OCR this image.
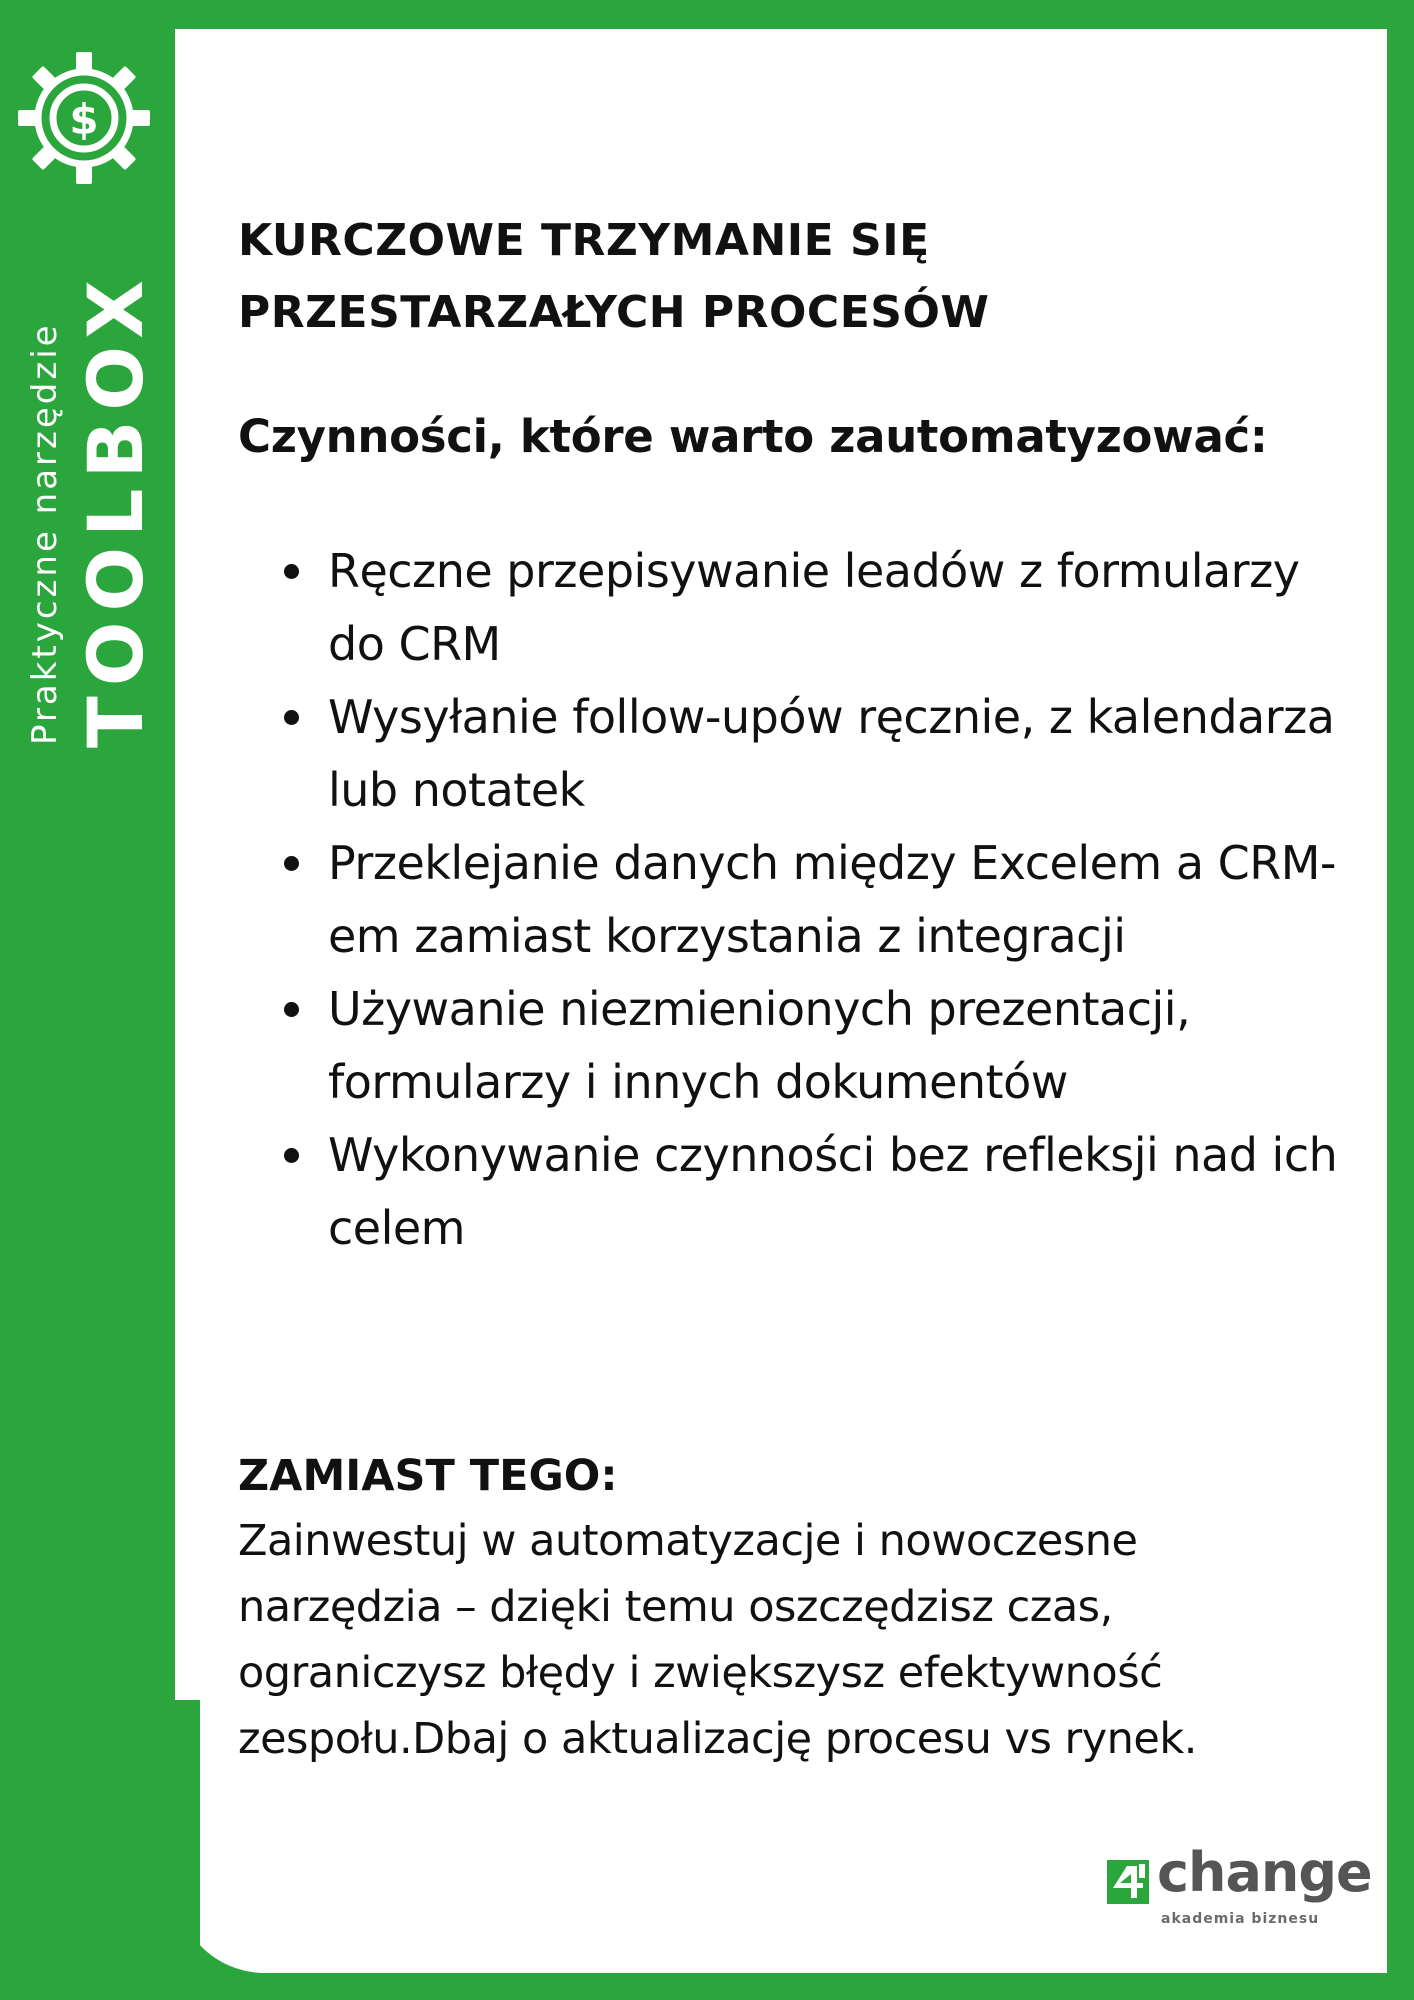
$
Praktyczne narzędzie TOOLBOX
KURCZOWE TRZYMANIE SIĘ
PRZESTARZAŁYCH PROCESÓW
Czynności, które warto zautomatyzować:
Ręczne przepisywanie leadów z formularzy do CRM
Wysyłanie follow-upów ręcznie, z kalendarza lub notatek
Przeklejanie danych między Excelem a CRM-em zamiast korzystania z integracji
Używanie niezmienionych prezentacji, formularzy i innych dokumentów
Wykonywanie czynności bez refleksji nad ich celem
ZAMIAST TEGO:

Zainwestuj w automatyzacje i nowoczesne narzędzia – dzięki temu oszczędzisz czas, ograniczysz błędy i zwiększysz efektywność zespołu.Dbaj o aktualizację procesu vs rynek.

change
akademia biznesu
